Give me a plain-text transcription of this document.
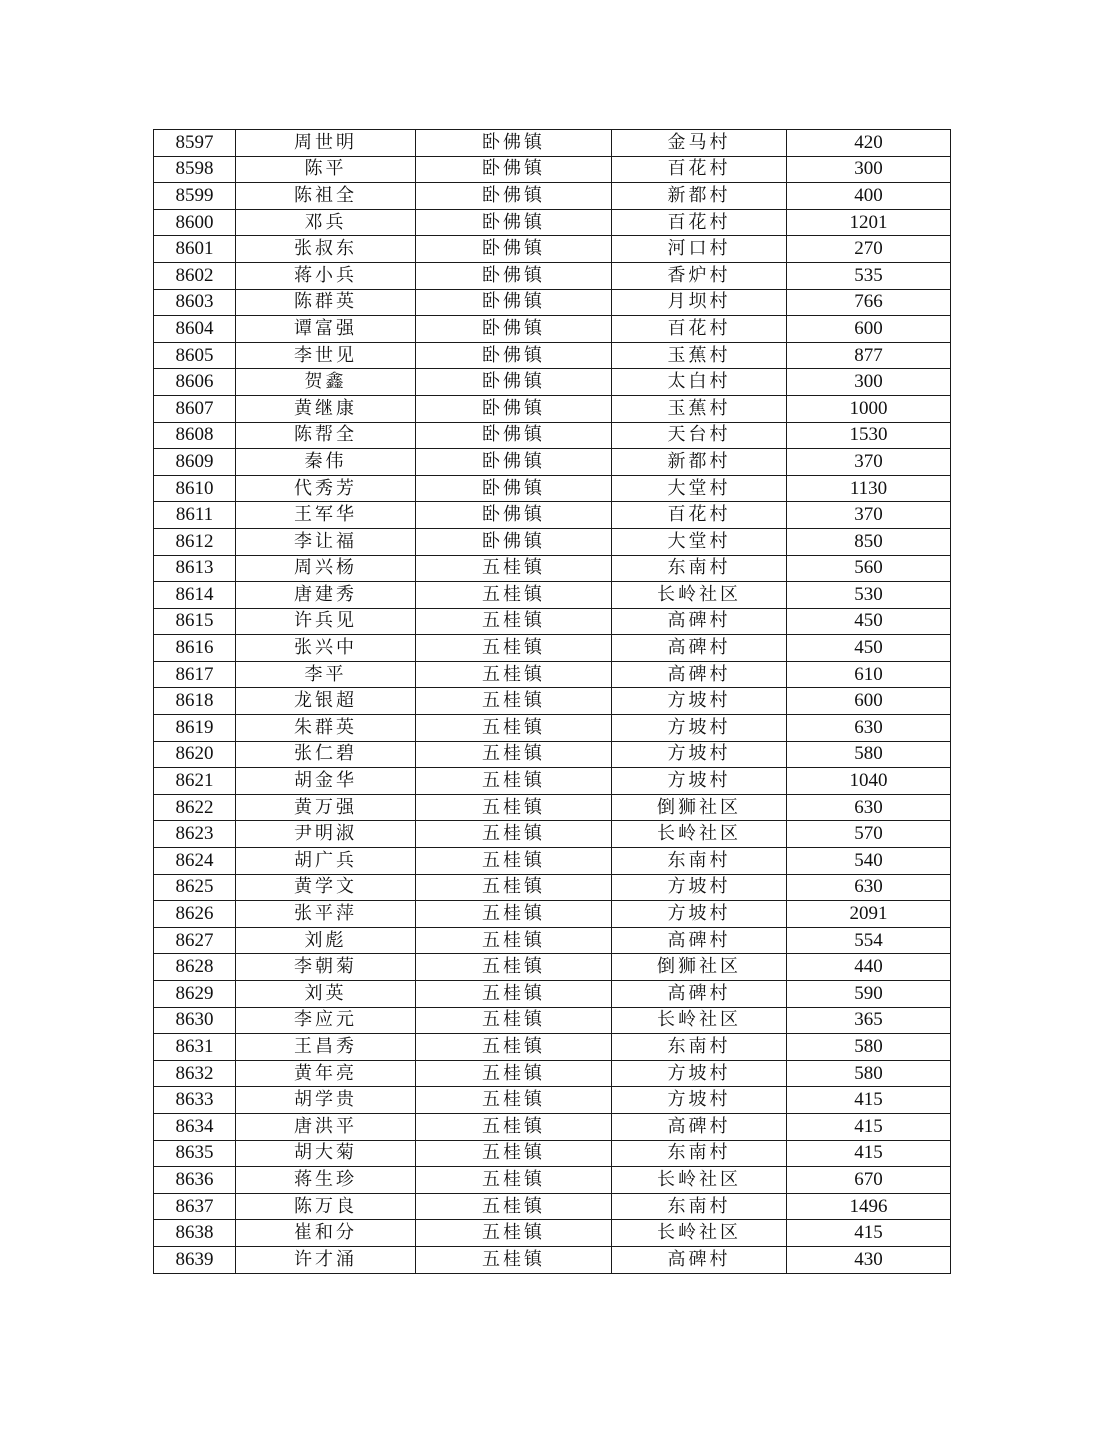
8597	周世明	卧佛镇	金马村	420
8598	陈平	卧佛镇	百花村	300
8599	陈祖全	卧佛镇	新都村	400
8600	邓兵	卧佛镇	百花村	1201
8601	张叔东	卧佛镇	河口村	270
8602	蒋小兵	卧佛镇	香炉村	535
8603	陈群英	卧佛镇	月坝村	766
8604	谭富强	卧佛镇	百花村	600
8605	李世见	卧佛镇	玉蕉村	877
8606	贺鑫	卧佛镇	太白村	300
8607	黄继康	卧佛镇	玉蕉村	1000
8608	陈帮全	卧佛镇	天台村	1530
8609	秦伟	卧佛镇	新都村	370
8610	代秀芳	卧佛镇	大堂村	1130
8611	王军华	卧佛镇	百花村	370
8612	李让福	卧佛镇	大堂村	850
8613	周兴杨	五桂镇	东南村	560
8614	唐建秀	五桂镇	长岭社区	530
8615	许兵见	五桂镇	高碑村	450
8616	张兴中	五桂镇	高碑村	450
8617	李平	五桂镇	高碑村	610
8618	龙银超	五桂镇	方坡村	600
8619	朱群英	五桂镇	方坡村	630
8620	张仁碧	五桂镇	方坡村	580
8621	胡金华	五桂镇	方坡村	1040
8622	黄万强	五桂镇	倒狮社区	630
8623	尹明淑	五桂镇	长岭社区	570
8624	胡广兵	五桂镇	东南村	540
8625	黄学文	五桂镇	方坡村	630
8626	张平萍	五桂镇	方坡村	2091
8627	刘彪	五桂镇	高碑村	554
8628	李朝菊	五桂镇	倒狮社区	440
8629	刘英	五桂镇	高碑村	590
8630	李应元	五桂镇	长岭社区	365
8631	王昌秀	五桂镇	东南村	580
8632	黄年亮	五桂镇	方坡村	580
8633	胡学贵	五桂镇	方坡村	415
8634	唐洪平	五桂镇	高碑村	415
8635	胡大菊	五桂镇	东南村	415
8636	蒋生珍	五桂镇	长岭社区	670
8637	陈万良	五桂镇	东南村	1496
8638	崔和分	五桂镇	长岭社区	415
8639	许才涌	五桂镇	高碑村	430
